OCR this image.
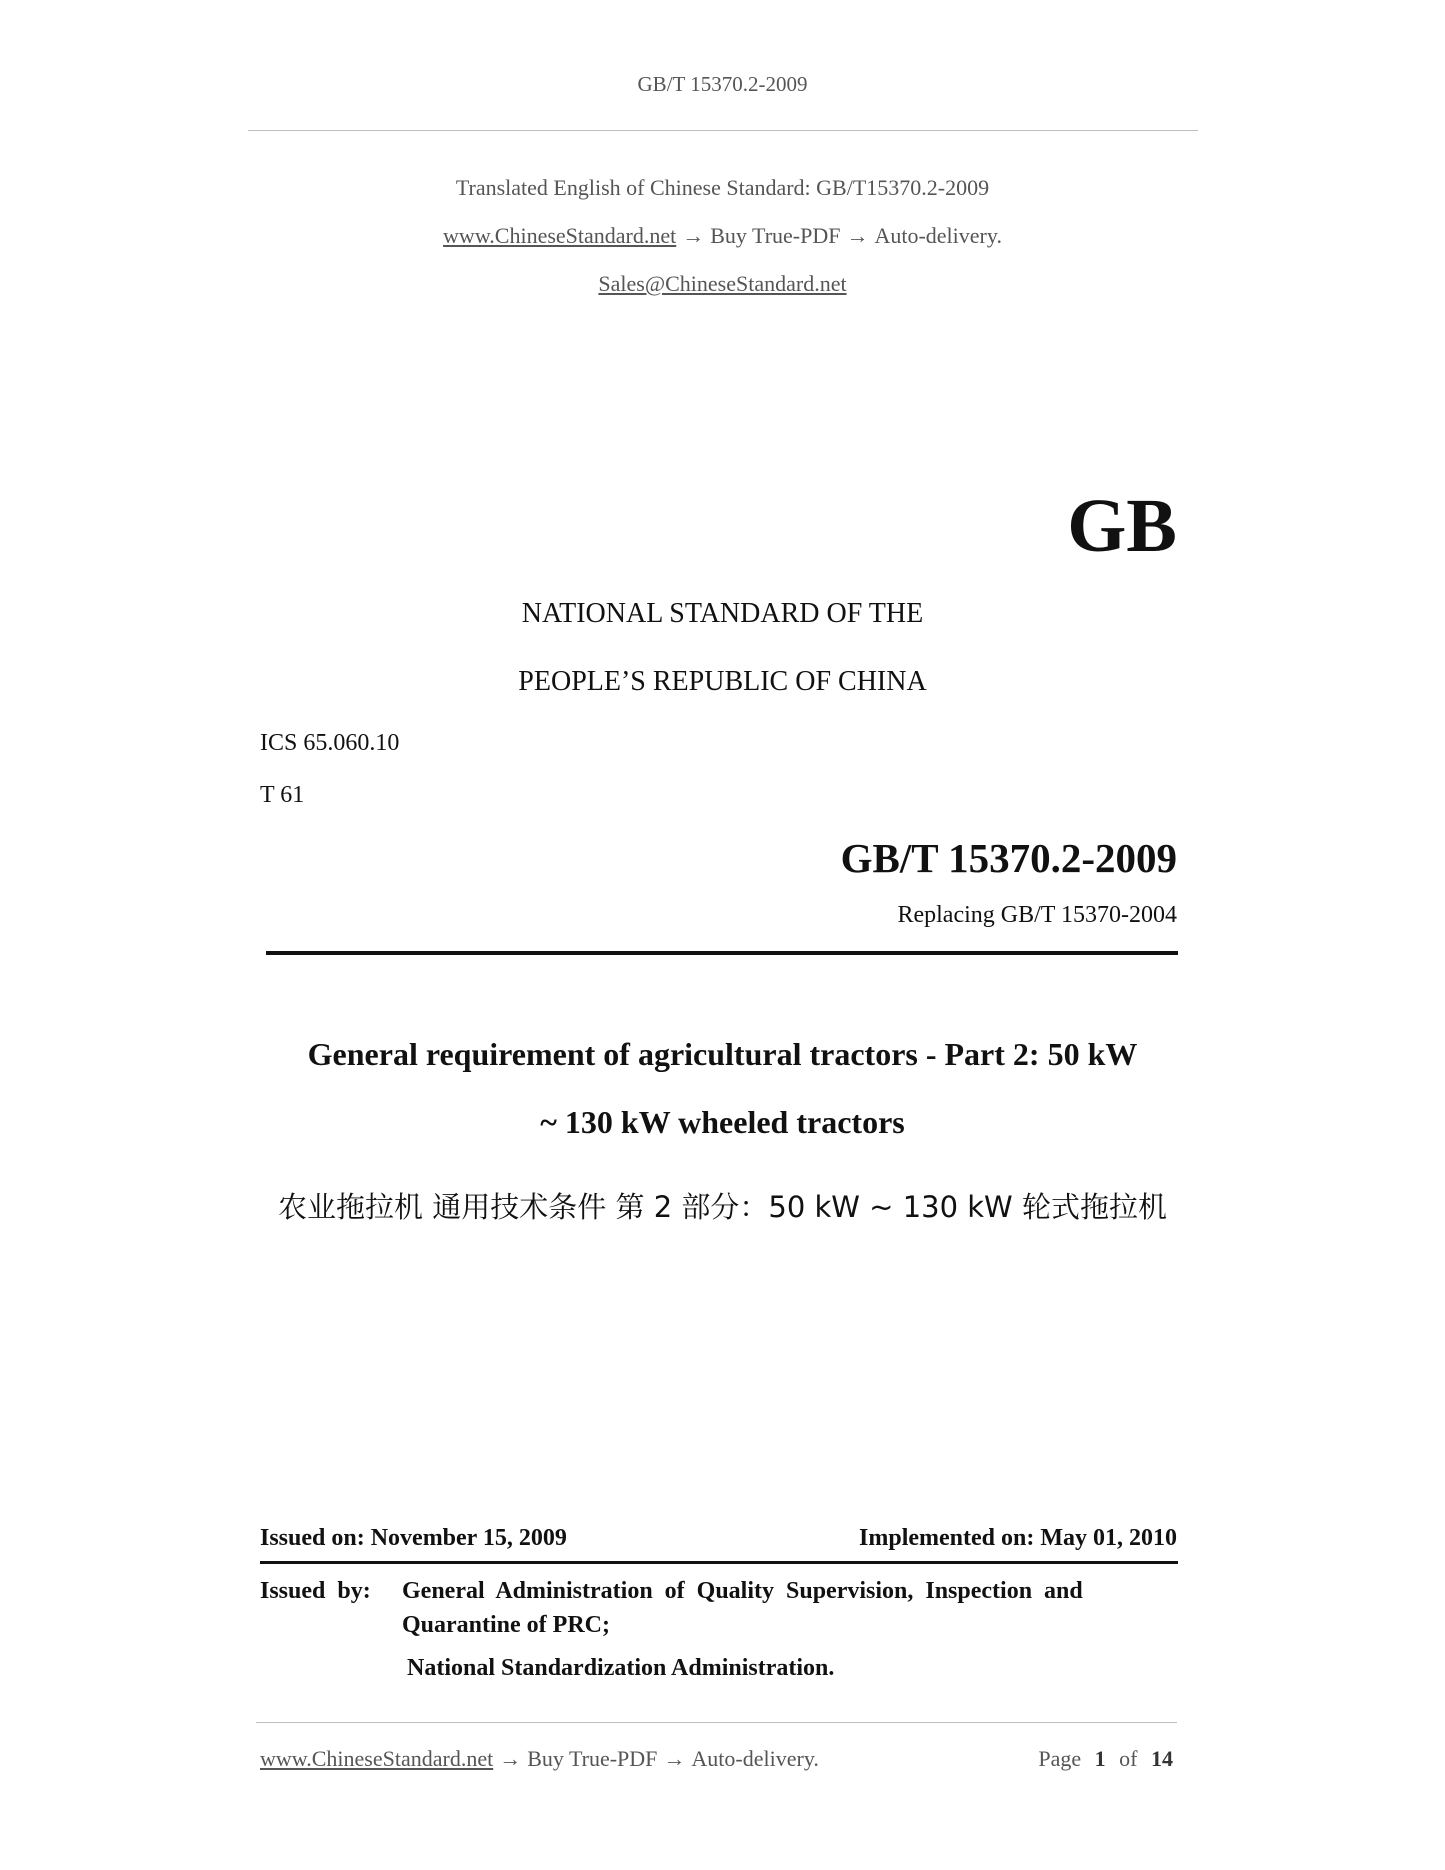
GB/T 15370.2-2009
Translated English of Chinese Standard: GB/T15370.2-2009
www.ChineseStandard.net → Buy True-PDF → Auto-delivery.
Sales@ChineseStandard.net
GB
NATIONAL STANDARD OF THE
PEOPLE’S REPUBLIC OF CHINA
ICS 65.060.10
T 61
GB/T 15370.2-2009
Replacing GB/T 15370-2004
General requirement of agricultural tractors - Part 2: 50 kW
~ 130 kW wheeled tractors
农业拖拉机 通用技术条件 第 2 部分：50 kW ~ 130 kW 轮式拖拉机
Issued on: November 15, 2009	Implemented on: May 01, 2010
Issued  by: General  Administration  of  Quality  Supervision,  Inspection  and
Quarantine of PRC;
National Standardization Administration.
www.ChineseStandard.net → Buy True-PDF → Auto-delivery.	Page 1 of 14
